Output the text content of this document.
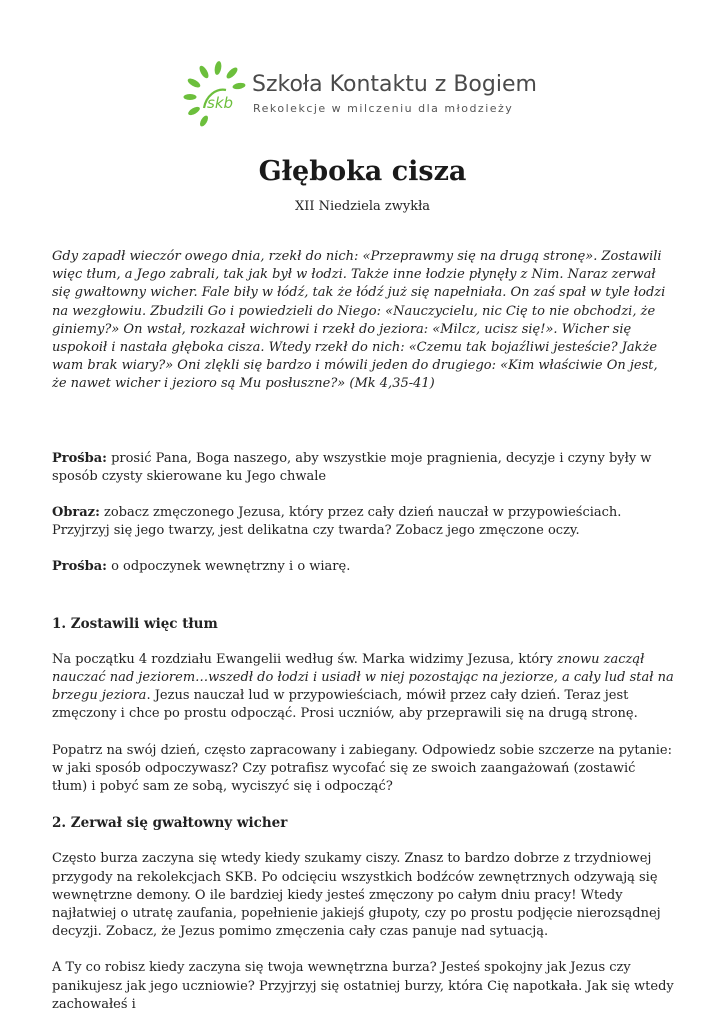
skb
Szkoła Kontaktu z Bogiem
Rekolekcje w milczeniu dla młodzieży
Głęboka cisza
XII Niedziela zwykła

Gdy zapadł wieczór owego dnia, rzekł do nich: «Przeprawmy się na drugą stronę». Zostawili więc tłum, a Jego zabrali, tak jak był w łodzi. Także inne łodzie płynęły z Nim. Naraz zerwał się gwałtowny wicher. Fale biły w łódź, tak że łódź już się napełniała. On zaś spał w tyle łodzi na wezgłowiu. Zbudzili Go i powiedzieli do Niego: «Nauczycielu, nic Cię to nie obchodzi, że giniemy?» On wstał, rozkazał wichrowi i rzekł do jeziora: «Milcz, ucisz się!». Wicher się uspokoił i nastała głęboka cisza. Wtedy rzekł do nich: «Czemu tak bojaźliwi jesteście? Jakże wam brak wiary?» Oni zlękli się bardzo i mówili jeden do drugiego: «Kim właściwie On jest, że nawet wicher i jezioro są Mu posłuszne?» (Mk 4,35-41)

Prośba: prosić Pana, Boga naszego, aby wszystkie moje pragnienia, decyzje i czyny były w sposób czysty skierowane ku Jego chwale

Obraz: zobacz zmęczonego Jezusa, który przez cały dzień nauczał w przypowieściach. Przyjrzyj się jego twarzy, jest delikatna czy twarda? Zobacz jego zmęczone oczy.

Prośba: o odpoczynek wewnętrzny i o wiarę.

1. Zostawili więc tłum

Na początku 4 rozdziału Ewangelii według św. Marka widzimy Jezusa, który znowu zaczął nauczać nad jeziorem…wszedł do łodzi i usiadł w niej pozostając na jeziorze, a cały lud stał na brzegu jeziora. Jezus nauczał lud w przypowieściach, mówił przez cały dzień. Teraz jest zmęczony i chce po prostu odpocząć. Prosi uczniów, aby przeprawili się na drugą stronę.

Popatrz na swój dzień, często zapracowany i zabiegany. Odpowiedz sobie szczerze na pytanie: w jaki sposób odpoczywasz? Czy potrafisz wycofać się ze swoich zaangażowań (zostawić tłum) i pobyć sam ze sobą, wyciszyć się i odpocząć?

2. Zerwał się gwałtowny wicher

Często burza zaczyna się wtedy kiedy szukamy ciszy. Znasz to bardzo dobrze z trzydniowej przygody na rekolekcjach SKB. Po odcięciu wszystkich bodźców zewnętrznych odzywają się wewnętrzne demony. O ile bardziej kiedy jesteś zmęczony po całym dniu pracy! Wtedy najłatwiej o utratę zaufania, popełnienie jakiejś głupoty, czy po prostu podjęcie nierozsądnej decyzji. Zobacz, że Jezus pomimo zmęczenia cały czas panuje nad sytuacją.

A Ty co robisz kiedy zaczyna się twoja wewnętrzna burza? Jesteś spokojny jak Jezus czy panikujesz jak jego uczniowie? Przyjrzyj się ostatniej burzy, która Cię napotkała. Jak się wtedy zachowałeś i
